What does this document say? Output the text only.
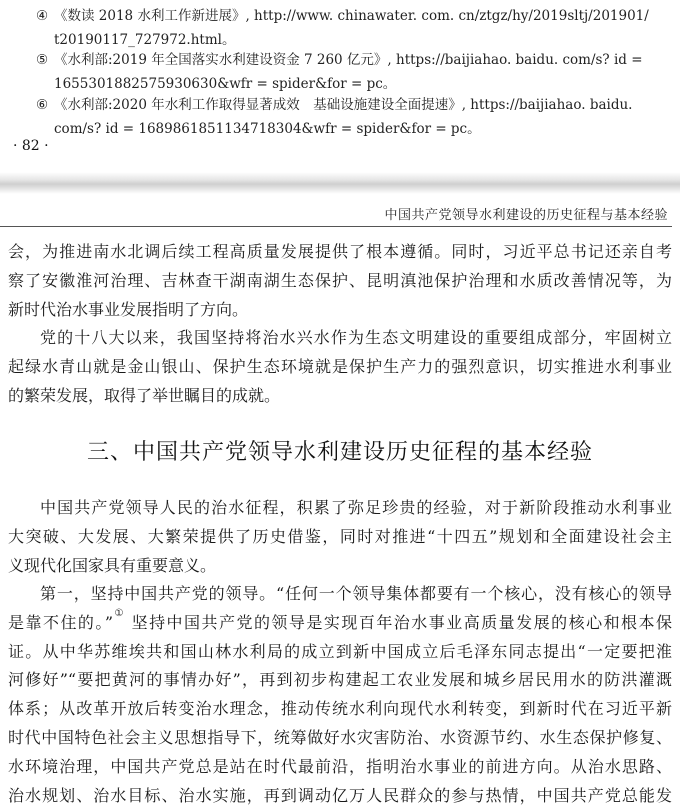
④ 《数读 2018 水利工作新进展》, http://www. chinawater. com. cn/ztgz/hy/2019sltj/201901/
t20190117_727972.html。
⑤ 《水利部:2019 年全国落实水利建设资金 7 260 亿元》, https://baijiahao. baidu. com/s? id =
1655301882575930630&wfr = spider&for = pc。
⑥ 《水利部:2020 年水利工作取得显著成效　基础设施建设全面提速》, https://baijiahao. baidu.
com/s? id = 1689861851134718304&wfr = spider&for = pc。
· 82 ·
中国共产党领导水利建设的历史征程与基本经验
会，为推进南水北调后续工程高质量发展提供了根本遵循。同时，习近平总书记还亲自考
察了安徽淮河治理、吉林查干湖南湖生态保护、昆明滇池保护治理和水质改善情况等，为
新时代治水事业发展指明了方向。
党的十八大以来，我国坚持将治水兴水作为生态文明建设的重要组成部分，牢固树立
起绿水青山就是金山银山、保护生态环境就是保护生产力的强烈意识，切实推进水利事业
的繁荣发展，取得了举世瞩目的成就。
三、中国共产党领导水利建设历史征程的基本经验
中国共产党领导人民的治水征程，积累了弥足珍贵的经验，对于新阶段推动水利事业
大突破、大发展、大繁荣提供了历史借鉴，同时对推进“十四五”规划和全面建设社会主
义现代化国家具有重要意义。
第一，坚持中国共产党的领导。“任何一个领导集体都要有一个核心，没有核心的领导
是靠不住的。”① 坚持中国共产党的领导是实现百年治水事业高质量发展的核心和根本保
证。从中华苏维埃共和国山林水利局的成立到新中国成立后毛泽东同志提出“一定要把淮
河修好”“要把黄河的事情办好”，再到初步构建起工农业发展和城乡居民用水的防洪灌溉
体系；从改革开放后转变治水理念，推动传统水利向现代水利转变，到新时代在习近平新
时代中国特色社会主义思想指导下，统筹做好水灾害防治、水资源节约、水生态保护修复、
水环境治理，中国共产党总是站在时代最前沿，指明治水事业的前进方向。从治水思路、
治水规划、治水目标、治水实施，再到调动亿万人民群众的参与热情，中国共产党总能发
